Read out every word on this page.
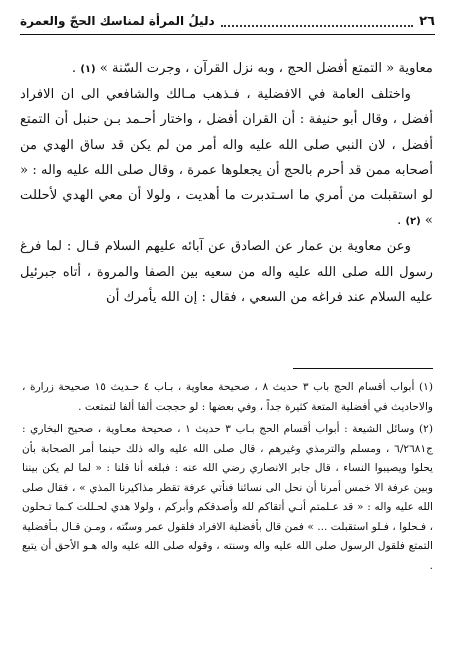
٢٦
دليلُ المرأة لمناسك الحجّ والعمرة

معاوية « التمتع أفضل الحج ، وبه نزل القرآن ، وجرت السّنة » (١) .

واختلف العامة في الافضلية ، فـذهب مـالك والشافعي الى ان الافراد أفضل ، وقال أبو حنيفة : أن القران أفضل ، واختار أحـمد بـن حنبل أن التمتع أفضل ، لان النبي صلى الله عليه واله أمر من لم يكن قد ساق الهدي من أصحابه ممن قد أحرم بالحج أن يجعلوها عمرة ، وقال صلى الله عليه واله : « لو استقبلت من أمري ما اسـتدبرت ما أهديت ، ولولا أن معي الهدي لأحللت » (٢) .

وعن معاوية بن عمار عن الصادق عن آبائه عليهم السلام قـال : لما فرغ رسول الله صلى الله عليه واله من سعيه بين الصفا والمروة ، أتاه جبرئيل عليه السلام عند فراغه من السعي ، فقال : إن الله يأمرك أن

(١) أبواب أقسام الحج باب ٣ حديث ٨ ، صحيحة معاوية ، بـاب ٤ حـديث ١٥ صحيحة زرارة ، والاحاديث في أفضلية المتعة كثيرة جداً ، وفي بعضها : لو حججت ألفا ألفا لتمتعت .

(٢) وسائل الشيعة : أبواب أقسام الحج بـاب ٣ حديث ١ ، صحيحة معـاوية ، صحيح البخاري : ج٦/٢٦٨١ ، ومسلم والترمذي وغيرهم ، قال صلى الله عليه واله ذلك حينما أمر الصحابة بأن يحلوا ويصيبوا النساء ، قال جابر الانصاري رضي الله عنه : فبلغه أنا قلنا : « لما لم يكن بيننا وبين عرفة الا خمس أمرنا أن نحل الى نسائنا فنأتي عرفة تقطر مذاكيرنا المذي » ، فقال صلى الله عليه واله : « قد عـلمتم أنـي أتقاكم لله وأصدقكم وأبركم ، ولولا هدي لحـللت كـما تـحلون ، فـحلوا ، فـلو استقبلت ... » فمن قال بأفضلية الافراد فلقول عمر وسنّته ، ومـن قـال بـأفضلية التمتع فلقول الرسول صلى الله عليه واله وسنته ، وقوله صلى الله عليه واله هـو الأحق أن يتبع .
